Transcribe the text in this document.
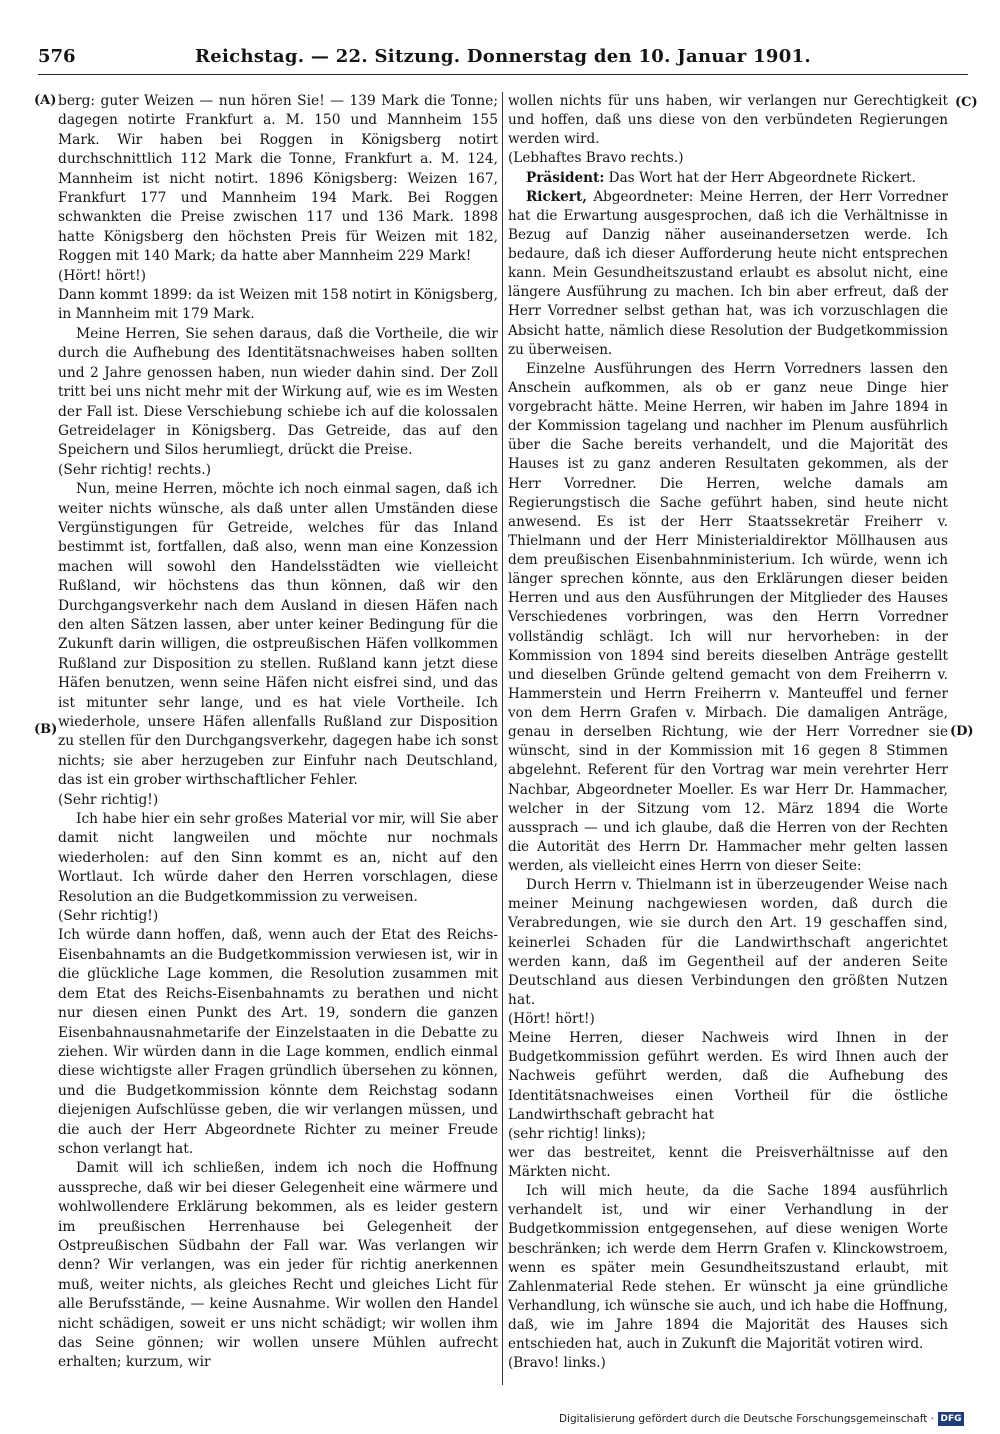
576	Reichstag. — 22. Sitzung. Donnerstag den 10. Januar 1901.
(A)
(B)
(C)
(D)

berg: guter Weizen — nun hören Sie! — 139 Mark die Tonne; dagegen notirte Frankfurt a. M. 150 und Mannheim 155 Mark. Wir haben bei Roggen in Königsberg notirt durchschnittlich 112 Mark die Tonne, Frankfurt a. M. 124, Mannheim ist nicht notirt. 1896 Königsberg: Weizen 167, Frankfurt 177 und Mannheim 194 Mark. Bei Roggen schwankten die Preise zwischen 117 und 136 Mark. 1898 hatte Königsberg den höchsten Preis für Weizen mit 182, Roggen mit 140 Mark; da hatte aber Mannheim 229 Mark!

(Hört! hört!)

Dann kommt 1899: da ist Weizen mit 158 notirt in Königsberg, in Mannheim mit 179 Mark.

Meine Herren, Sie sehen daraus, daß die Vortheile, die wir durch die Aufhebung des Identitätsnachweises haben sollten und 2 Jahre genossen haben, nun wieder dahin sind. Der Zoll tritt bei uns nicht mehr mit der Wirkung auf, wie es im Westen der Fall ist. Diese Verschiebung schiebe ich auf die kolossalen Getreidelager in Königsberg. Das Getreide, das auf den Speichern und Silos herumliegt, drückt die Preise.

(Sehr richtig! rechts.)

Nun, meine Herren, möchte ich noch einmal sagen, daß ich weiter nichts wünsche, als daß unter allen Umständen diese Vergünstigungen für Getreide, welches für das Inland bestimmt ist, fortfallen, daß also, wenn man eine Konzession machen will sowohl den Handelsstädten wie vielleicht Rußland, wir höchstens das thun können, daß wir den Durchgangsverkehr nach dem Ausland in diesen Häfen nach den alten Sätzen lassen, aber unter keiner Bedingung für die Zukunft darin willigen, die ostpreußischen Häfen vollkommen Rußland zur Disposition zu stellen. Rußland kann jetzt diese Häfen benutzen, wenn seine Häfen nicht eisfrei sind, und das ist mitunter sehr lange, und es hat viele Vortheile. Ich wiederhole, unsere Häfen allenfalls Rußland zur Disposition zu stellen für den Durchgangsverkehr, dagegen habe ich sonst nichts; sie aber herzugeben zur Einfuhr nach Deutschland, das ist ein grober wirthschaftlicher Fehler.

(Sehr richtig!)

Ich habe hier ein sehr großes Material vor mir, will Sie aber damit nicht langweilen und möchte nur nochmals wiederholen: auf den Sinn kommt es an, nicht auf den Wortlaut. Ich würde daher den Herren vorschlagen, diese Resolution an die Budgetkommission zu verweisen.

(Sehr richtig!)

Ich würde dann hoffen, daß, wenn auch der Etat des Reichs-Eisenbahnamts an die Budgetkommission verwiesen ist, wir in die glückliche Lage kommen, die Resolution zusammen mit dem Etat des Reichs-Eisenbahnamts zu berathen und nicht nur diesen einen Punkt des Art. 19, sondern die ganzen Eisenbahnausnahmetarife der Einzelstaaten in die Debatte zu ziehen. Wir würden dann in die Lage kommen, endlich einmal diese wichtigste aller Fragen gründlich übersehen zu können, und die Budgetkommission könnte dem Reichstag sodann diejenigen Aufschlüsse geben, die wir verlangen müssen, und die auch der Herr Abgeordnete Richter zu meiner Freude schon verlangt hat.

Damit will ich schließen, indem ich noch die Hoffnung ausspreche, daß wir bei dieser Gelegenheit eine wärmere und wohlwollendere Erklärung bekommen, als es leider gestern im preußischen Herrenhause bei Gelegenheit der Ostpreußischen Südbahn der Fall war. Was verlangen wir denn? Wir verlangen, was ein jeder für richtig anerkennen muß, weiter nichts, als gleiches Recht und gleiches Licht für alle Berufsstände, — keine Ausnahme. Wir wollen den Handel nicht schädigen, soweit er uns nicht schädigt; wir wollen ihm das Seine gönnen; wir wollen unsere Mühlen aufrecht erhalten; kurzum, wir

wollen nichts für uns haben, wir verlangen nur Gerechtigkeit und hoffen, daß uns diese von den verbündeten Regierungen werden wird.

(Lebhaftes Bravo rechts.)

Präsident: Das Wort hat der Herr Abgeordnete Rickert.

Rickert, Abgeordneter: Meine Herren, der Herr Vorredner hat die Erwartung ausgesprochen, daß ich die Verhältnisse in Bezug auf Danzig näher auseinandersetzen werde. Ich bedaure, daß ich dieser Aufforderung heute nicht entsprechen kann. Mein Gesundheitszustand erlaubt es absolut nicht, eine längere Ausführung zu machen. Ich bin aber erfreut, daß der Herr Vorredner selbst gethan hat, was ich vorzuschlagen die Absicht hatte, nämlich diese Resolution der Budgetkommission zu überweisen.

Einzelne Ausführungen des Herrn Vorredners lassen den Anschein aufkommen, als ob er ganz neue Dinge hier vorgebracht hätte. Meine Herren, wir haben im Jahre 1894 in der Kommission tagelang und nachher im Plenum ausführlich über die Sache bereits verhandelt, und die Majorität des Hauses ist zu ganz anderen Resultaten gekommen, als der Herr Vorredner. Die Herren, welche damals am Regierungstisch die Sache geführt haben, sind heute nicht anwesend. Es ist der Herr Staatssekretär Freiherr v. Thielmann und der Herr Ministerialdirektor Möllhausen aus dem preußischen Eisenbahnministerium. Ich würde, wenn ich länger sprechen könnte, aus den Erklärungen dieser beiden Herren und aus den Ausführungen der Mitglieder des Hauses Verschiedenes vorbringen, was den Herrn Vorredner vollständig schlägt. Ich will nur hervorheben: in der Kommission von 1894 sind bereits dieselben Anträge gestellt und dieselben Gründe geltend gemacht von dem Freiherrn v. Hammerstein und Herrn Freiherrn v. Manteuffel und ferner von dem Herrn Grafen v. Mirbach. Die damaligen Anträge, genau in derselben Richtung, wie der Herr Vorredner sie wünscht, sind in der Kommission mit 16 gegen 8 Stimmen abgelehnt. Referent für den Vortrag war mein verehrter Herr Nachbar, Abgeordneter Moeller. Es war Herr Dr. Hammacher, welcher in der Sitzung vom 12. März 1894 die Worte aussprach — und ich glaube, daß die Herren von der Rechten die Autorität des Herrn Dr. Hammacher mehr gelten lassen werden, als vielleicht eines Herrn von dieser Seite:

Durch Herrn v. Thielmann ist in überzeugender Weise nach meiner Meinung nachgewiesen worden, daß durch die Verabredungen, wie sie durch den Art. 19 geschaffen sind, keinerlei Schaden für die Landwirthschaft angerichtet werden kann, daß im Gegentheil auf der anderen Seite Deutschland aus diesen Verbindungen den größten Nutzen hat.

(Hört! hört!)

Meine Herren, dieser Nachweis wird Ihnen in der Budgetkommission geführt werden. Es wird Ihnen auch der Nachweis geführt werden, daß die Aufhebung des Identitätsnachweises einen Vortheil für die östliche Landwirthschaft gebracht hat

(sehr richtig! links);

wer das bestreitet, kennt die Preisverhältnisse auf den Märkten nicht.

Ich will mich heute, da die Sache 1894 ausführlich verhandelt ist, und wir einer Verhandlung in der Budgetkommission entgegensehen, auf diese wenigen Worte beschränken; ich werde dem Herrn Grafen v. Klinckowstroem, wenn es später mein Gesundheitszustand erlaubt, mit Zahlenmaterial Rede stehen. Er wünscht ja eine gründliche Verhandlung, ich wünsche sie auch, und ich habe die Hoffnung, daß, wie im Jahre 1894 die Majorität des Hauses sich entschieden hat, auch in Zukunft die Majorität votiren wird.

(Bravo! links.)

Digitalisierung gefördert durch die Deutsche Forschungsgemeinschaft · DFG
